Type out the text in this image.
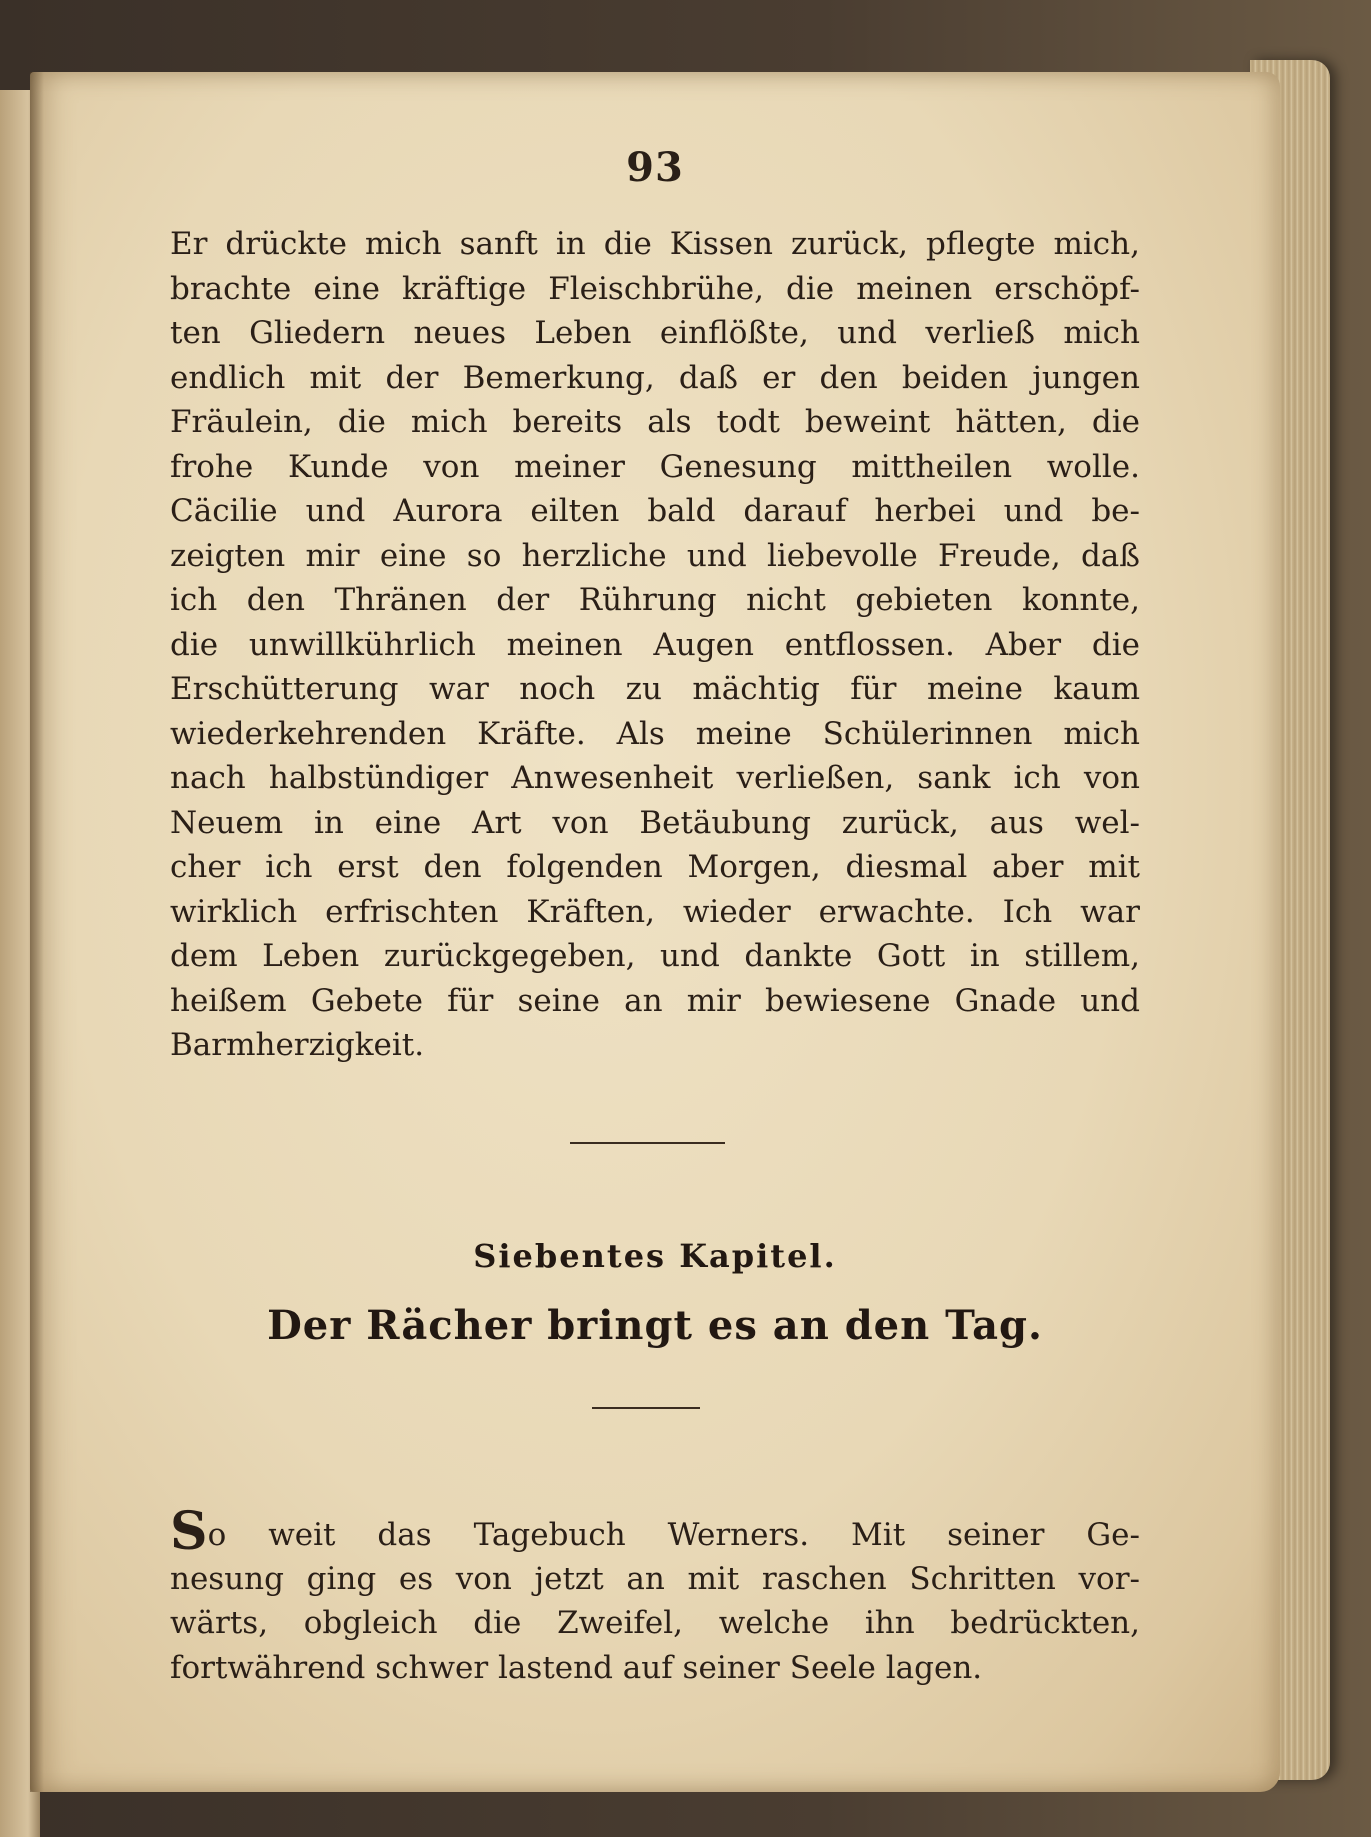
93
Er drückte mich sanft in die Kissen zurück, pflegte mich,
brachte eine kräftige Fleischbrühe, die meinen erschöpf-
ten Gliedern neues Leben einflößte, und verließ mich
endlich mit der Bemerkung, daß er den beiden jungen
Fräulein, die mich bereits als todt beweint hätten, die
frohe Kunde von meiner Genesung mittheilen wolle.
Cäcilie und Aurora eilten bald darauf herbei und be-
zeigten mir eine so herzliche und liebevolle Freude, daß
ich den Thränen der Rührung nicht gebieten konnte,
die unwillkührlich meinen Augen entflossen. Aber die
Erschütterung war noch zu mächtig für meine kaum
wiederkehrenden Kräfte. Als meine Schülerinnen mich
nach halbstündiger Anwesenheit verließen, sank ich von
Neuem in eine Art von Betäubung zurück, aus wel-
cher ich erst den folgenden Morgen, diesmal aber mit
wirklich erfrischten Kräften, wieder erwachte. Ich war
dem Leben zurückgegeben, und dankte Gott in stillem,
heißem Gebete für seine an mir bewiesene Gnade und
Barmherzigkeit.
Siebentes Kapitel.
Der Rächer bringt es an den Tag.
So weit das Tagebuch Werners. Mit seiner Ge-
nesung ging es von jetzt an mit raschen Schritten vor-
wärts, obgleich die Zweifel, welche ihn bedrückten,
fortwährend schwer lastend auf seiner Seele lagen.
